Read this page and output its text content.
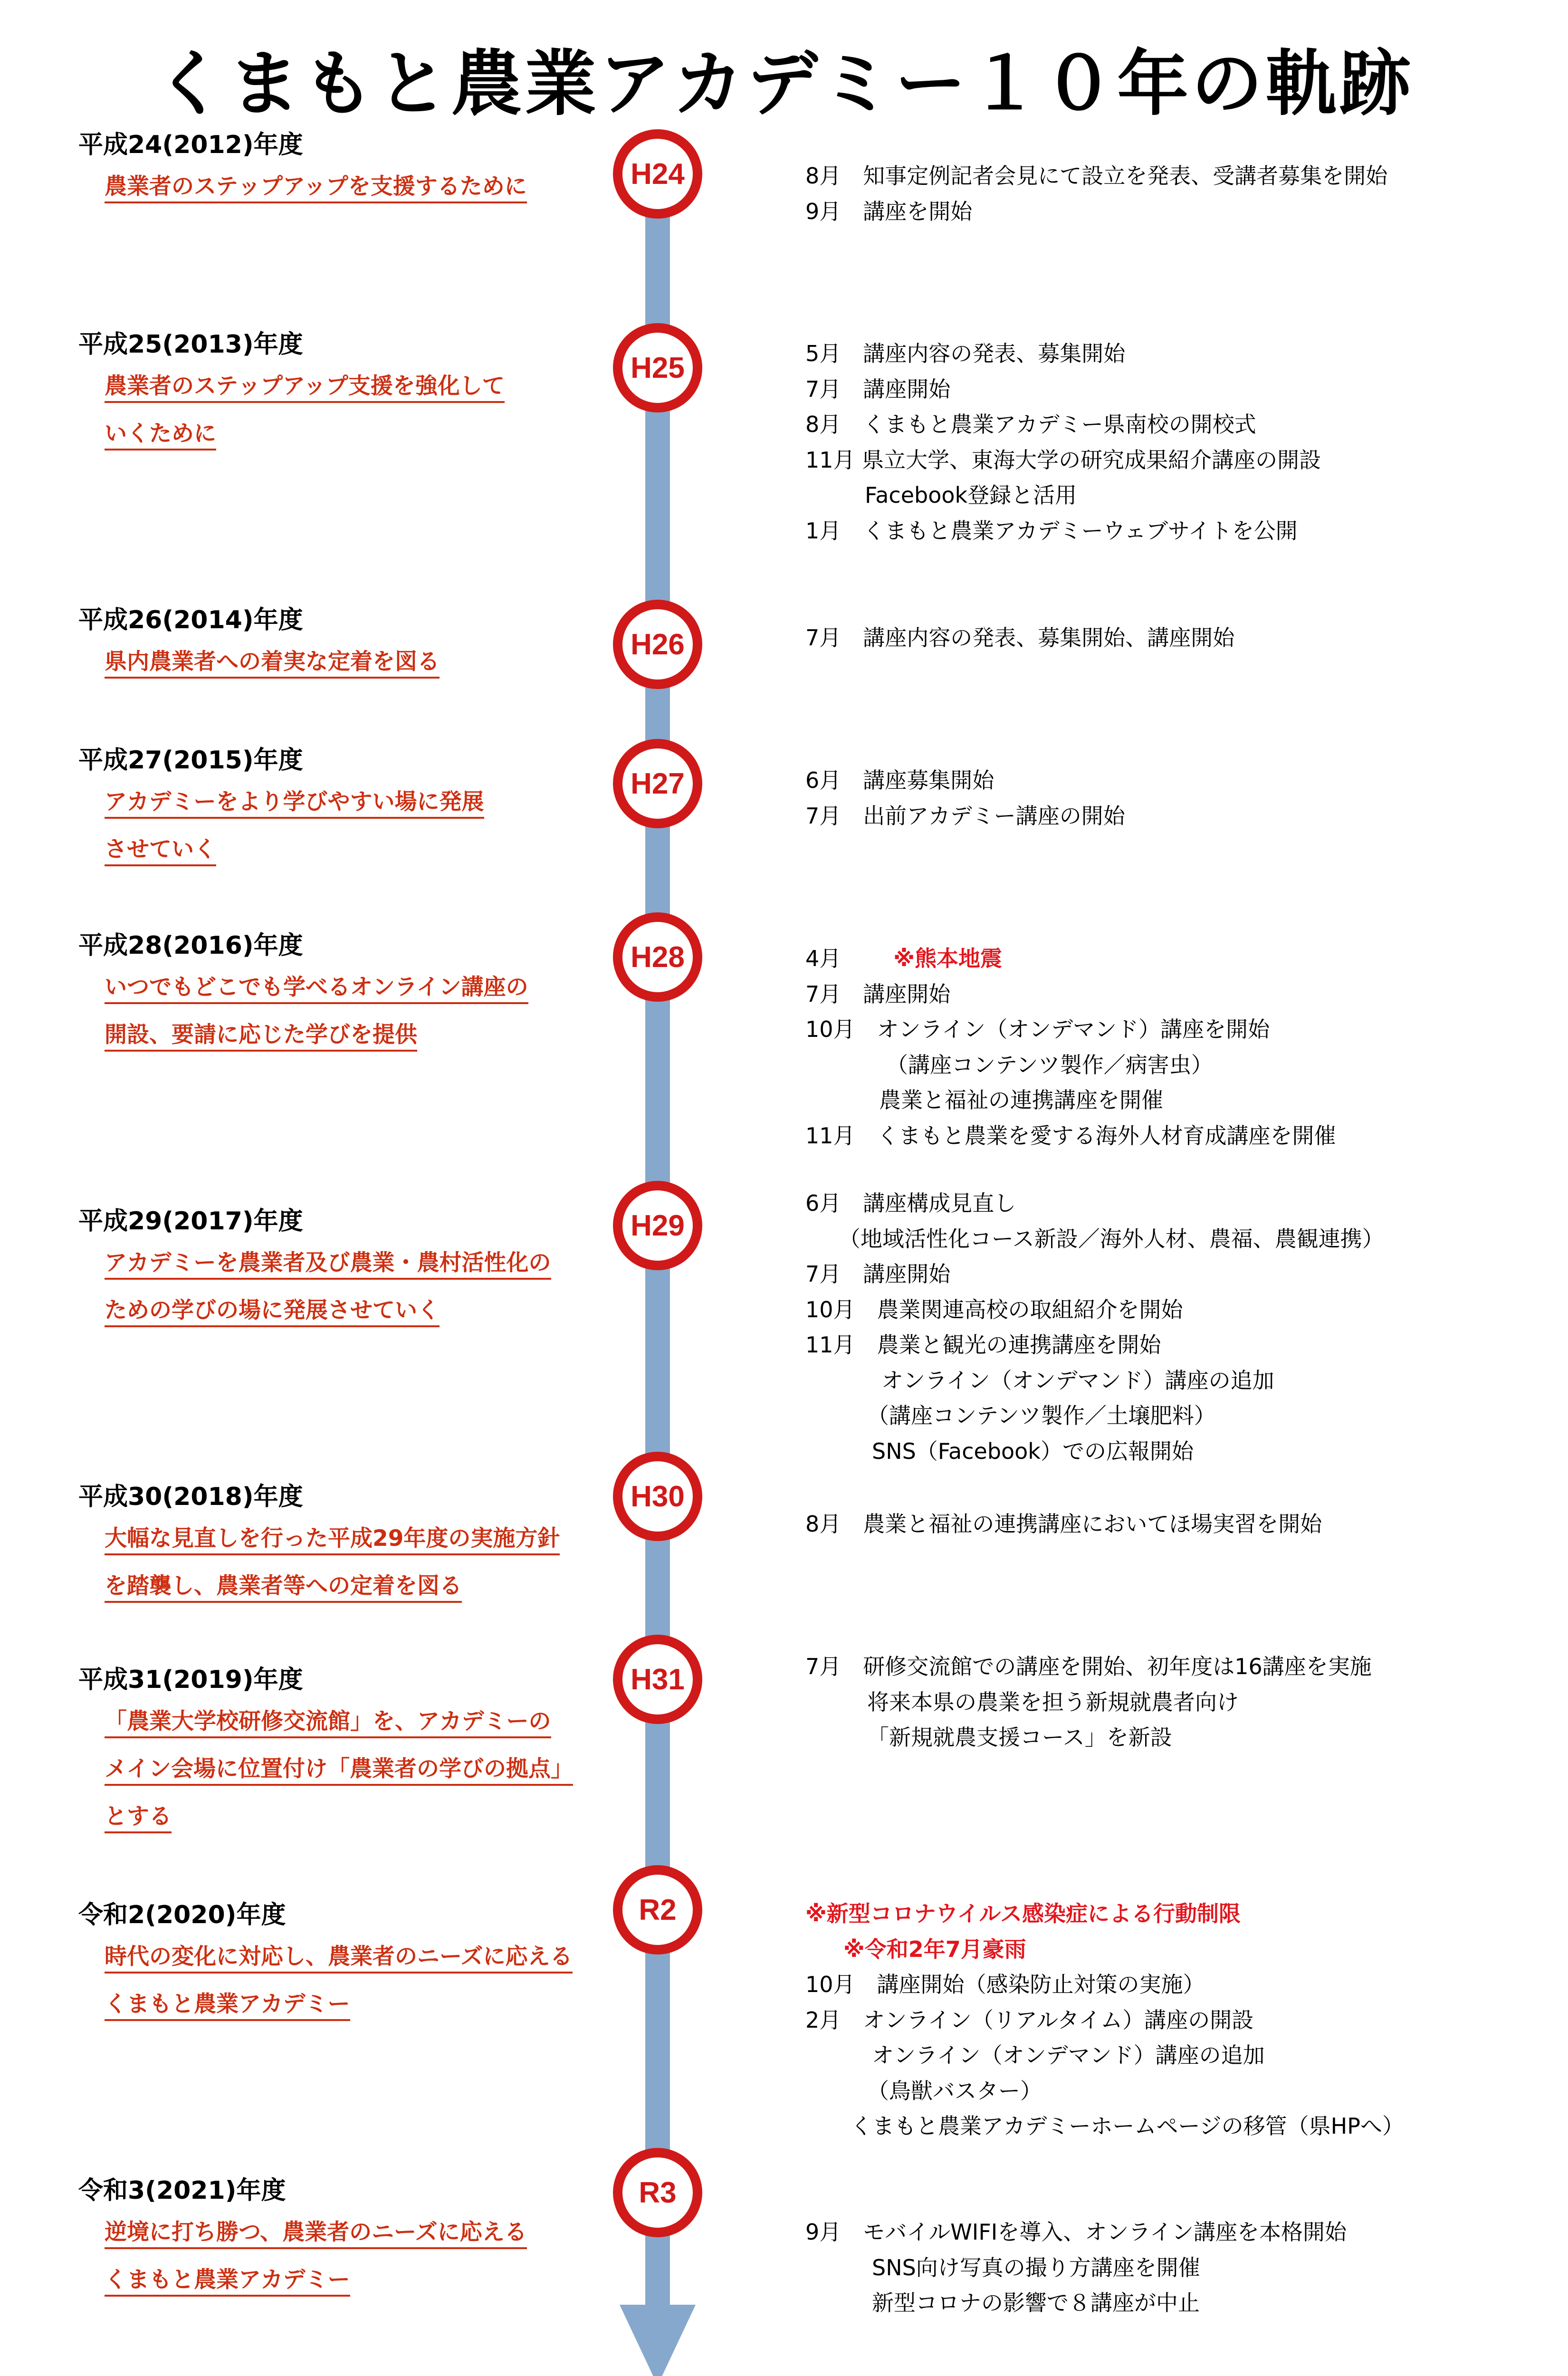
くまもと農業アカデミー１０年の軌跡
平成24(2012)年度
農業者のステップアップを支援するために	H24	8月　知事定例記者会見にて設立を発表、受講者募集を開始
9月　講座を開始
平成25(2013)年度
農業者のステップアップ支援を強化して
いくために
H25	5月　講座内容の発表、募集開始
7月　講座開始
8月　くまもと農業アカデミー県南校の開校式
11月 県立大学、東海大学の研究成果紹介講座の開設
Facebook登録と活用
1月　くまもと農業アカデミーウェブサイトを公開
平成26(2014)年度
県内農業者への着実な定着を図る
H26	7月　講座内容の発表、募集開始、講座開始
平成27(2015)年度
アカデミーをより学びやすい場に発展
させていく
H27	6月　講座募集開始
7月　出前アカデミー講座の開始
平成28(2016)年度
いつでもどこでも学べるオンライン講座の
開設、要請に応じた学びを提供
H28	4月 ※熊本地震
7月　講座開始
10月　オンライン（オンデマンド）講座を開始
（講座コンテンツ製作／病害虫）
農業と福祉の連携講座を開催
11月　くまもと農業を愛する海外人材育成講座を開催
平成29(2017)年度
アカデミーを農業者及び農業・農村活性化の
ための学びの場に発展させていく
H29
6月　講座構成見直し
（地域活性化コース新設／海外人材、農福、農観連携）
7月　講座開始
10月　農業関連高校の取組紹介を開始
11月　農業と観光の連携講座を開始
オンライン（オンデマンド）講座の追加
（講座コンテンツ製作／土壌肥料）
SNS（Facebook）での広報開始
平成30(2018)年度
大幅な見直しを行った平成29年度の実施方針
を踏襲し、農業者等への定着を図る
H30
8月　農業と福祉の連携講座においてほ場実習を開始
平成31(2019)年度
「農業大学校研修交流館」を、アカデミーの
メイン会場に位置付け「農業者の学びの拠点」
とする
H31	7月　研修交流館での講座を開始、初年度は16講座を実施
将来本県の農業を担う新規就農者向け
「新規就農支援コース」を新設
令和2(2020)年度
時代の変化に対応し、農業者のニーズに応える
くまもと農業アカデミー
R2	※新型コロナウイルス感染症による行動制限
※令和2年7月豪雨
10月　講座開始（感染防止対策の実施）
2月　オンライン（リアルタイム）講座の開設
オンライン（オンデマンド）講座の追加
（鳥獣バスター）
くまもと農業アカデミーホームページの移管（県HPへ）
令和3(2021)年度
逆境に打ち勝つ、農業者のニーズに応える
くまもと農業アカデミー
R3
9月　モバイルWIFIを導入、オンライン講座を本格開始
SNS向け写真の撮り方講座を開催
新型コロナの影響で８講座が中止
